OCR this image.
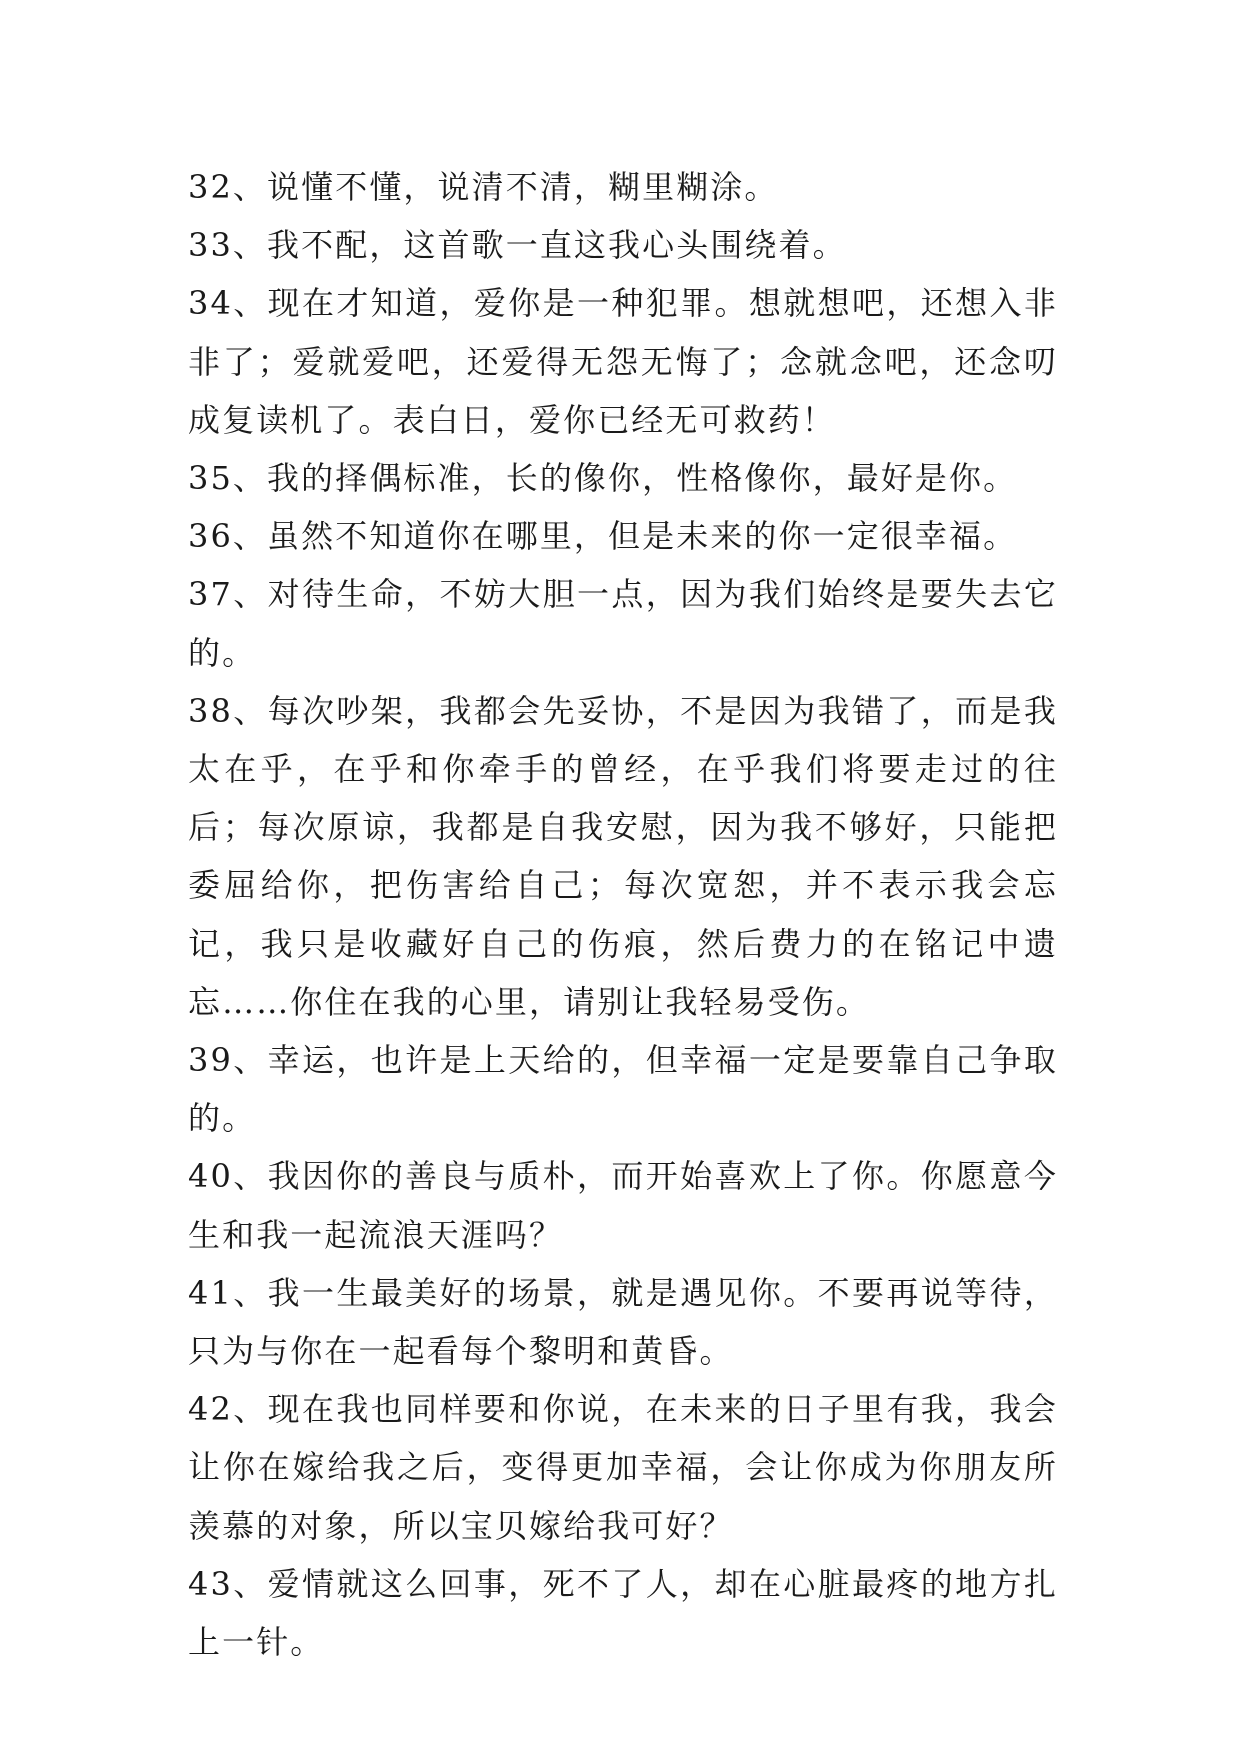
32、说懂不懂，说清不清，糊里糊涂。

33、我不配，这首歌一直这我心头围绕着。

34、现在才知道，爱你是一种犯罪。想就想吧，还想入非非了；爱就爱吧，还爱得无怨无悔了；念就念吧，还念叨成复读机了。表白日，爱你已经无可救药！

35、我的择偶标准，长的像你，性格像你，最好是你。

36、虽然不知道你在哪里，但是未来的你一定很幸福。

37、对待生命，不妨大胆一点，因为我们始终是要失去它的。

38、每次吵架，我都会先妥协，不是因为我错了，而是我太在乎，在乎和你牵手的曾经，在乎我们将要走过的往后；每次原谅，我都是自我安慰，因为我不够好，只能把委屈给你，把伤害给自己；每次宽恕，并不表示我会忘记，我只是收藏好自己的伤痕，然后费力的在铭记中遗忘……你住在我的心里，请别让我轻易受伤。

39、幸运，也许是上天给的，但幸福一定是要靠自己争取的。

40、我因你的善良与质朴，而开始喜欢上了你。你愿意今生和我一起流浪天涯吗？

41、我一生最美好的场景，就是遇见你。不要再说等待，只为与你在一起看每个黎明和黄昏。

42、现在我也同样要和你说，在未来的日子里有我，我会让你在嫁给我之后，变得更加幸福，会让你成为你朋友所羡慕的对象，所以宝贝嫁给我可好？

43、爱情就这么回事，死不了人，却在心脏最疼的地方扎上一针。
